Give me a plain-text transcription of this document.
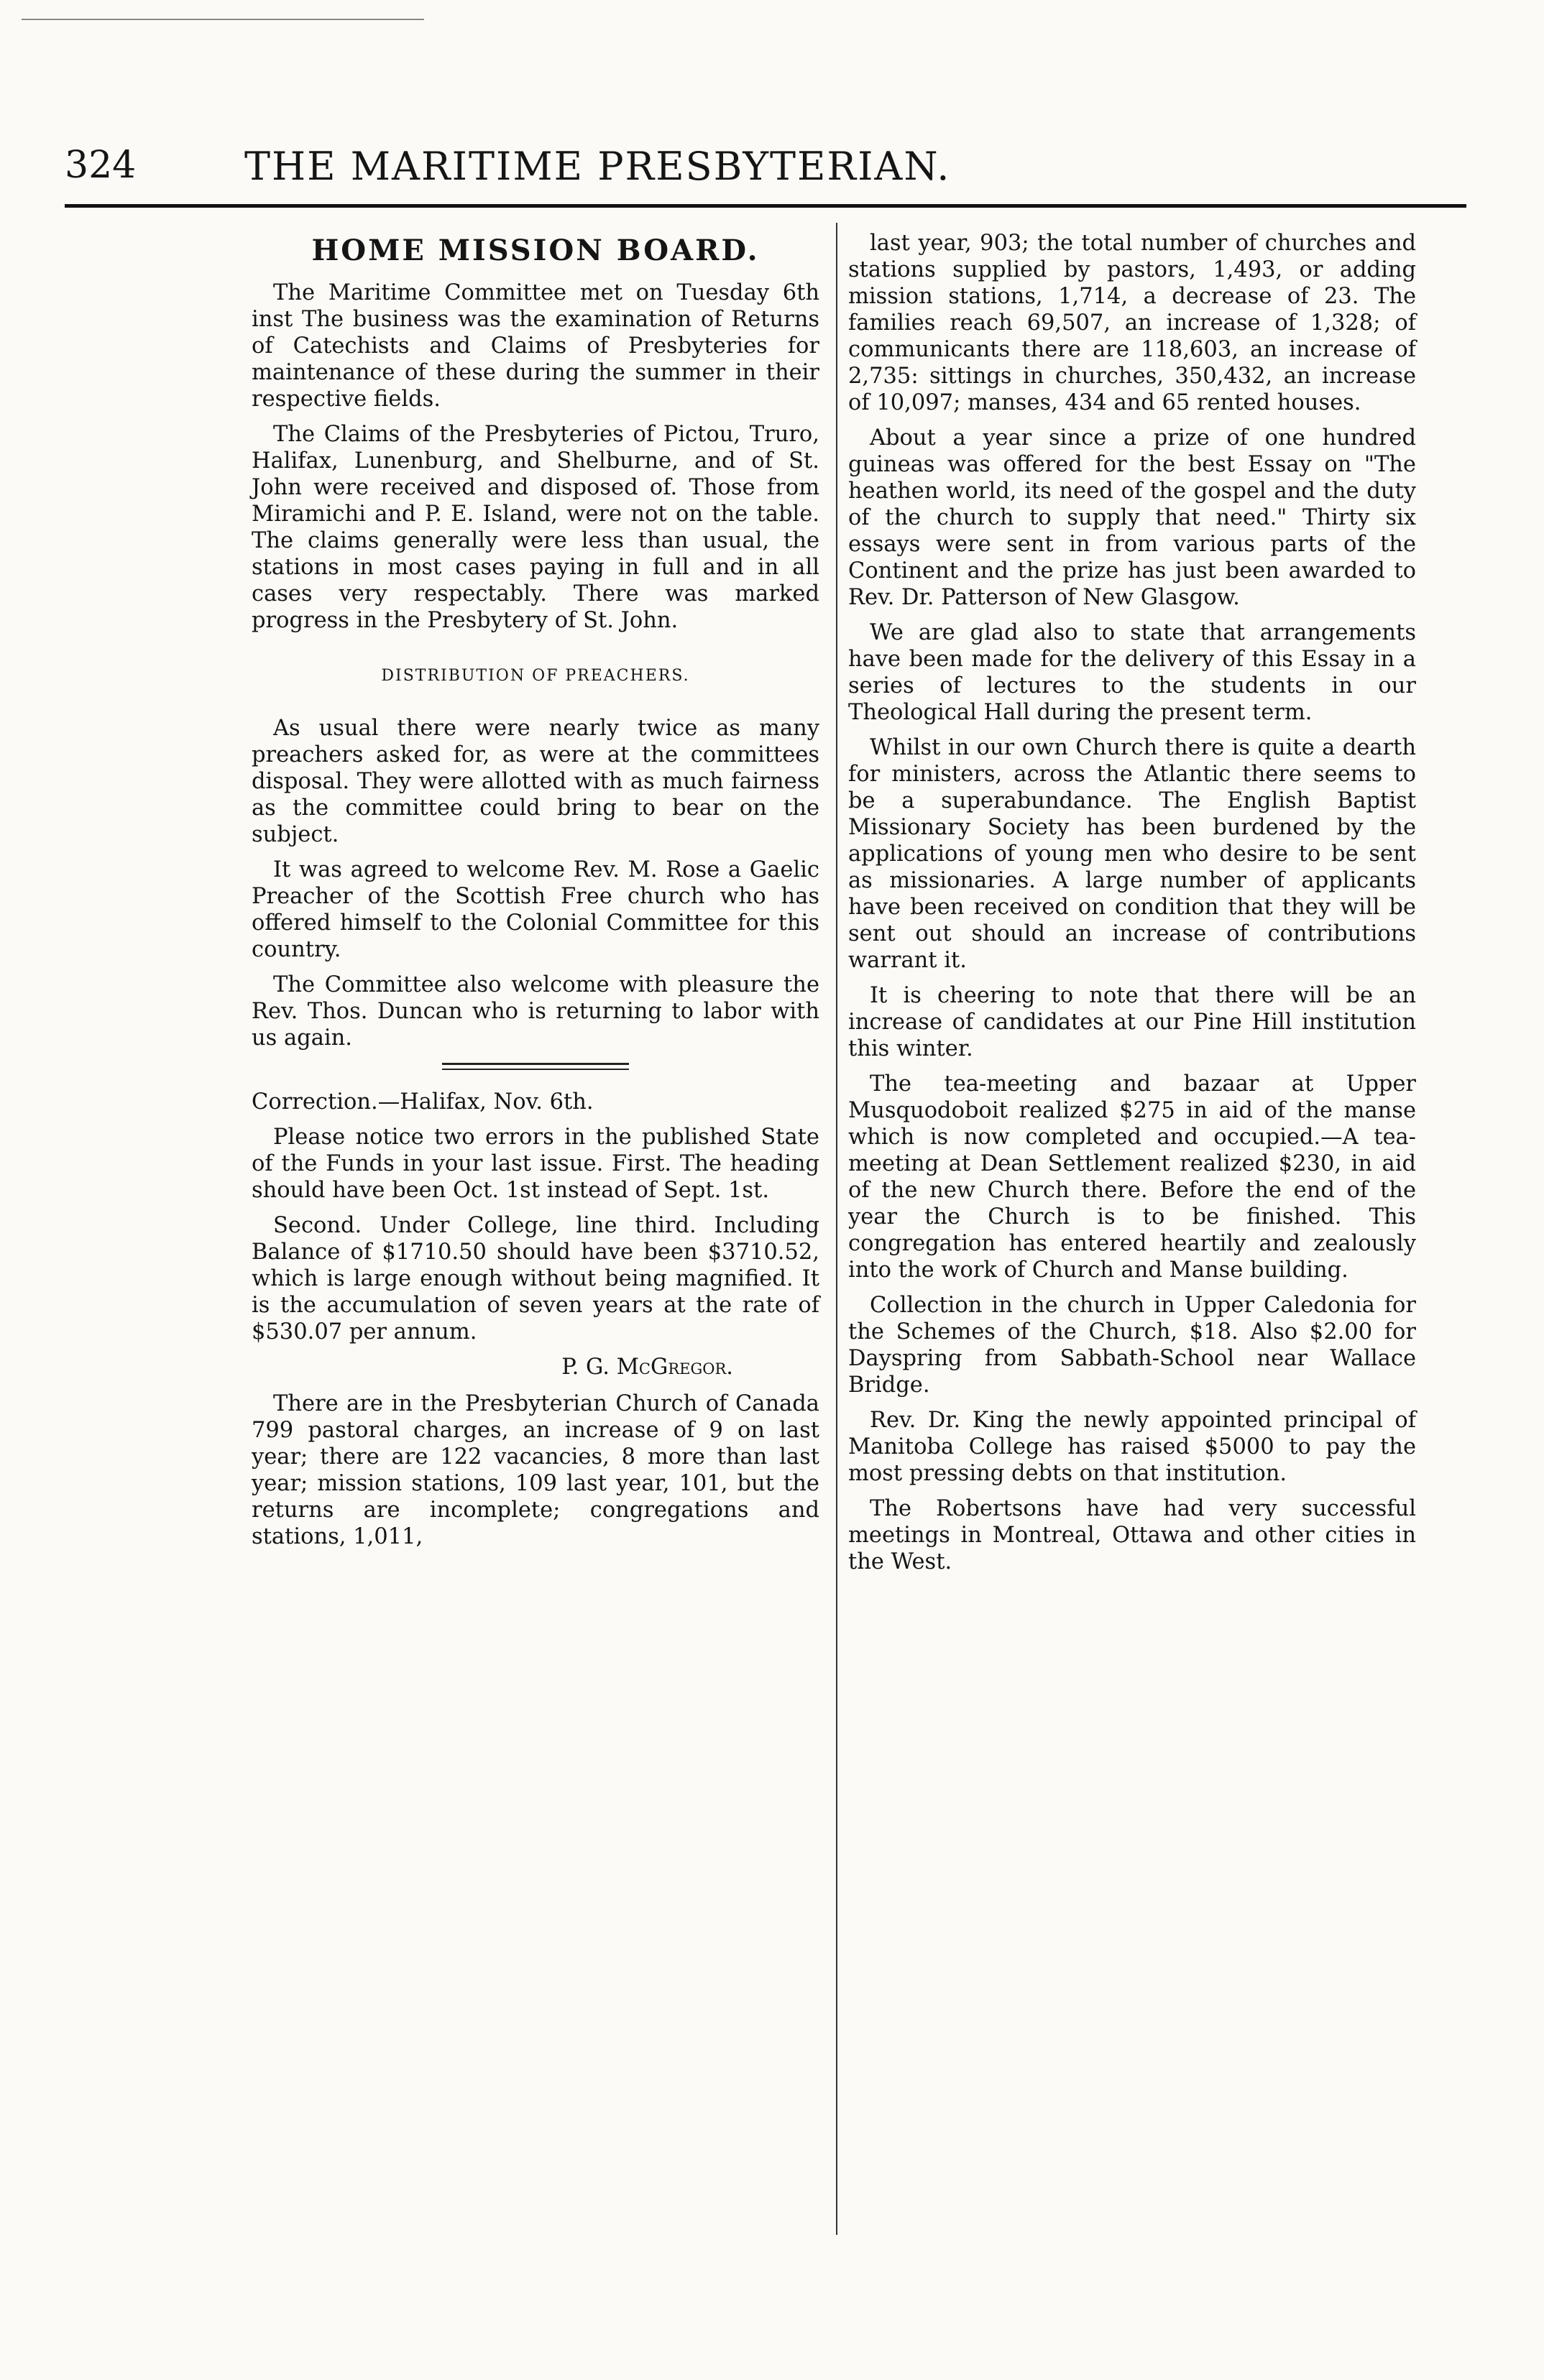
324	THE MARITIME PRESBYTERIAN.
HOME MISSION BOARD.

The Maritime Committee met on Tuesday 6th inst The business was the examination of Returns of Catechists and Claims of Presbyteries for maintenance of these during the summer in their respective fields.

The Claims of the Presbyteries of Pictou, Truro, Halifax, Lunenburg, and Shelburne, and of St. John were received and disposed of. Those from Miramichi and P. E. Island, were not on the table. The claims generally were less than usual, the stations in most cases paying in full and in all cases very respectably. There was marked progress in the Presbytery of St. John.

DISTRIBUTION OF PREACHERS.

As usual there were nearly twice as many preachers asked for, as were at the committees disposal. They were allotted with as much fairness as the committee could bring to bear on the subject.

It was agreed to welcome Rev. M. Rose a Gaelic Preacher of the Scottish Free church who has offered himself to the Colonial Committee for this country.

The Committee also welcome with pleasure the Rev. Thos. Duncan who is returning to labor with us again.

Correction.—Halifax, Nov. 6th.

Please notice two errors in the published State of the Funds in your last issue. First. The heading should have been Oct. 1st instead of Sept. 1st.

Second. Under College, line third. Including Balance of $1710.50 should have been $3710.52, which is large enough without being magnified. It is the accumulation of seven years at the rate of $530.07 per annum.

P. G. McGregor.

There are in the Presbyterian Church of Canada 799 pastoral charges, an increase of 9 on last year; there are 122 vacancies, 8 more than last year; mission stations, 109 last year, 101, but the returns are incomplete; congregations and stations, 1,011,

last year, 903; the total number of churches and stations supplied by pastors, 1,493, or adding mission stations, 1,714, a decrease of 23. The families reach 69,507, an increase of 1,328; of communicants there are 118,603, an increase of 2,735: sittings in churches, 350,432, an increase of 10,097; manses, 434 and 65 rented houses.

About a year since a prize of one hundred guineas was offered for the best Essay on "The heathen world, its need of the gospel and the duty of the church to supply that need." Thirty six essays were sent in from various parts of the Continent and the prize has just been awarded to Rev. Dr. Patterson of New Glasgow.

We are glad also to state that arrangements have been made for the delivery of this Essay in a series of lectures to the students in our Theological Hall during the present term.

Whilst in our own Church there is quite a dearth for ministers, across the Atlantic there seems to be a superabundance. The English Baptist Missionary Society has been burdened by the applications of young men who desire to be sent as missionaries. A large number of applicants have been received on condition that they will be sent out should an increase of contributions warrant it.

It is cheering to note that there will be an increase of candidates at our Pine Hill institution this winter.

The tea-meeting and bazaar at Upper Musquodoboit realized $275 in aid of the manse which is now completed and occupied.—A tea-meeting at Dean Settlement realized $230, in aid of the new Church there. Before the end of the year the Church is to be finished. This congregation has entered heartily and zealously into the work of Church and Manse building.

Collection in the church in Upper Caledonia for the Schemes of the Church, $18. Also $2.00 for Dayspring from Sabbath-School near Wallace Bridge.

Rev. Dr. King the newly appointed principal of Manitoba College has raised $5000 to pay the most pressing debts on that institution.

The Robertsons have had very successful meetings in Montreal, Ottawa and other cities in the West.
